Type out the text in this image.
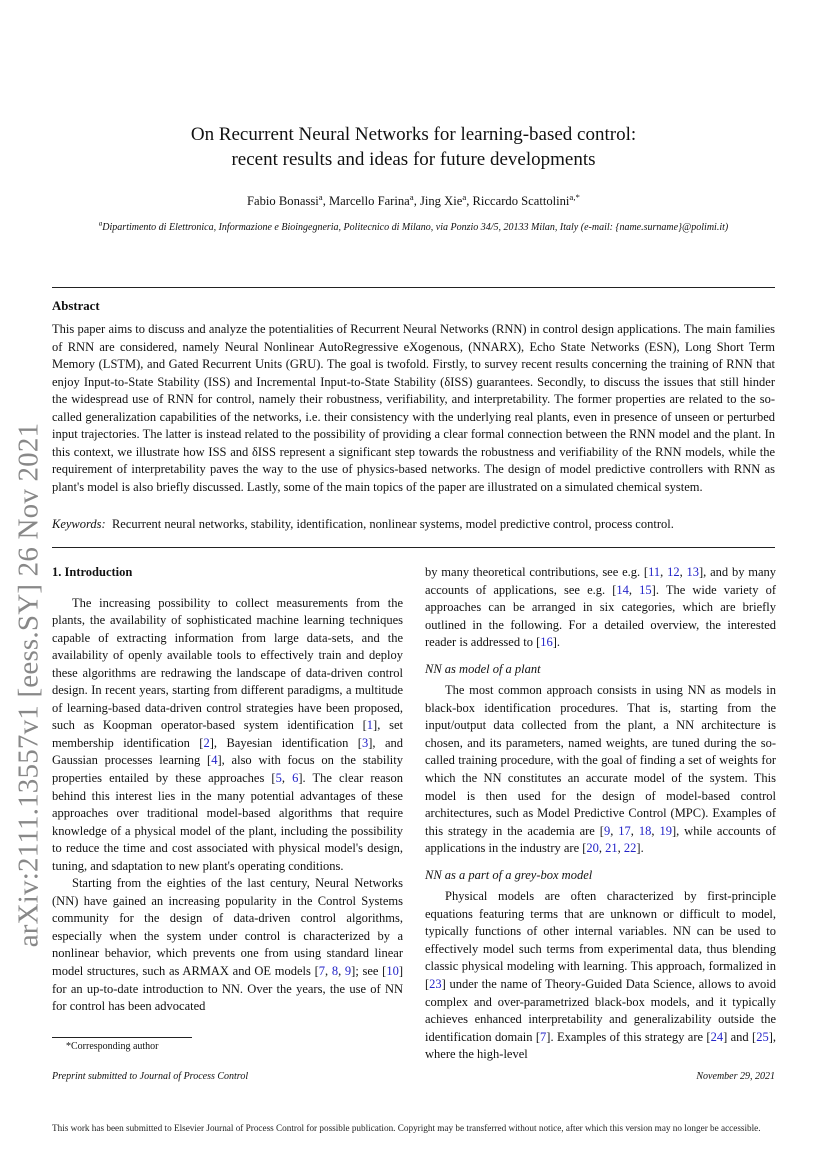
arXiv:2111.13557v1 [eess.SY] 26 Nov 2021
On Recurrent Neural Networks for learning-based control:
recent results and ideas for future developments
Fabio Bonassi$^a$, Marcello Farina$^a$, Jing Xie$^a$, Riccardo Scattolini$^{a,*}$
$^a$Dipartimento di Elettronica, Informazione e Bioingegneria, Politecnico di Milano, via Ponzio 34/5, 20133 Milan, Italy (e-mail: {name.surname}@polimi.it)
Abstract
This paper aims to discuss and analyze the potentialities of Recurrent Neural Networks (RNN) in control design applications. The main families of RNN are considered, namely Neural Nonlinear AutoRegressive eXogenous, (NNARX), Echo State Networks (ESN), Long Short Term Memory (LSTM), and Gated Recurrent Units (GRU). The goal is twofold. Firstly, to survey recent results concerning the training of RNN that enjoy Input-to-State Stability (ISS) and Incremental Input-to-State Stability (δISS) guarantees. Secondly, to discuss the issues that still hinder the widespread use of RNN for control, namely their robustness, verifiability, and interpretability. The former properties are related to the so-called generalization capabilities of the networks, i.e. their consistency with the underlying real plants, even in presence of unseen or perturbed input trajectories. The latter is instead related to the possibility of providing a clear formal connection between the RNN model and the plant. In this context, we illustrate how ISS and δISS represent a significant step towards the robustness and verifiability of the RNN models, while the requirement of interpretability paves the way to the use of physics-based networks. The design of model predictive controllers with RNN as plant's model is also briefly discussed. Lastly, some of the main topics of the paper are illustrated on a simulated chemical system.
Keywords: Recurrent neural networks, stability, identification, nonlinear systems, model predictive control, process control.
1. Introduction

The increasing possibility to collect measurements from the plants, the availability of sophisticated machine learning techniques capable of extracting information from large data-sets, and the availability of openly available tools to effectively train and deploy these algorithms are redrawing the landscape of data-driven control design. In recent years, starting from different paradigms, a multitude of learning-based data-driven control strategies have been proposed, such as Koopman operator-based system identification [1], set membership identification [2], Bayesian identification [3], and Gaussian processes learning [4], also with focus on the stability properties entailed by these approaches [5, 6]. The clear reason behind this interest lies in the many potential advantages of these approaches over traditional model-based algorithms that require knowledge of a physical model of the plant, including the possibility to reduce the time and cost associated with physical model's design, tuning, and sdaptation to new plant's operating conditions.

Starting from the eighties of the last century, Neural Networks (NN) have gained an increasing popularity in the Control Systems community for the design of data-driven control algorithms, especially when the system under control is characterized by a nonlinear behavior, which prevents one from using standard linear model structures, such as ARMAX and OE models [7, 8, 9]; see [10] for an up-to-date introduction to NN. Over the years, the use of NN for control has been advocated

by many theoretical contributions, see e.g. [11, 12, 13], and by many accounts of applications, see e.g. [14, 15]. The wide variety of approaches can be arranged in six categories, which are briefly outlined in the following. For a detailed overview, the interested reader is addressed to [16].
NN as model of a plant
The most common approach consists in using NN as models in black-box identification procedures. That is, starting from the input/output data collected from the plant, a NN architecture is chosen, and its parameters, named weights, are tuned during the so-called training procedure, with the goal of finding a set of weights for which the NN constitutes an accurate model of the system. This model is then used for the design of model-based control architectures, such as Model Predictive Control (MPC). Examples of this strategy in the academia are [9, 17, 18, 19], while accounts of applications in the industry are [20, 21, 22].
NN as a part of a grey-box model
Physical models are often characterized by first-principle equations featuring terms that are unknown or difficult to model, typically functions of other internal variables. NN can be used to effectively model such terms from experimental data, thus blending classic physical modeling with learning. This approach, formalized in [23] under the name of Theory-Guided Data Science, allows to avoid complex and over-parametrized black-box models, and it typically achieves enhanced interpretability and generalizability outside the identification domain [7]. Examples of this strategy are [24] and [25], where the high-level
*Corresponding author
Preprint submitted to Journal of Process Control	November 29, 2021
This work has been submitted to Elsevier Journal of Process Control for possible publication. Copyright may be transferred without notice, after which this version may no longer be accessible.
